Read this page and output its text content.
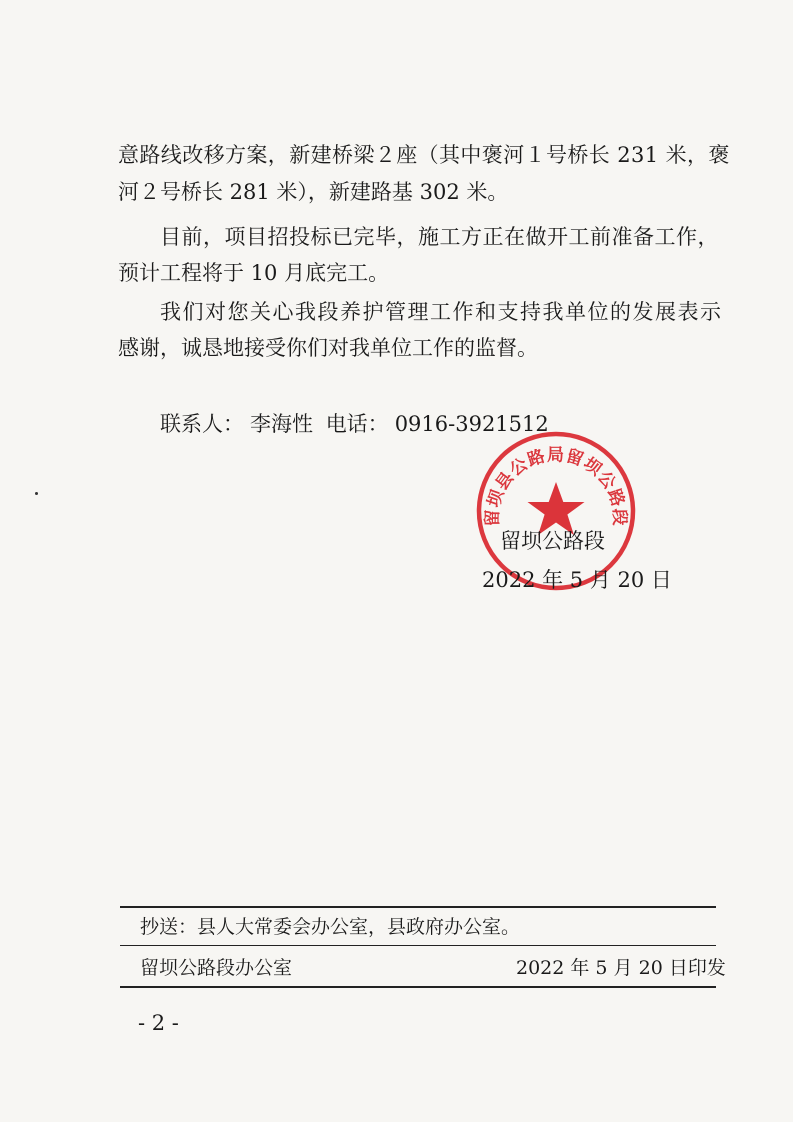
意路线改移方案，新建桥梁２座（其中褒河１号桥长 231 米，褒
河２号桥长 281 米），新建路基 302 米。
目前，项目招投标已完毕，施工方正在做开工前准备工作，
预计工程将于 10 月底完工。
我们对您关心我段养护管理工作和支持我单位的发展表示
感谢，诚恳地接受你们对我单位工作的监督。
联系人： 李海性 电话： 0916-3921512
留坝县公路局留坝公路段
留坝公路段
2022 年 5 月 20 日
抄送：县人大常委会办公室，县政府办公室。
留坝公路段办公室	2022 年 5 月 20 日印发
- 2 -
